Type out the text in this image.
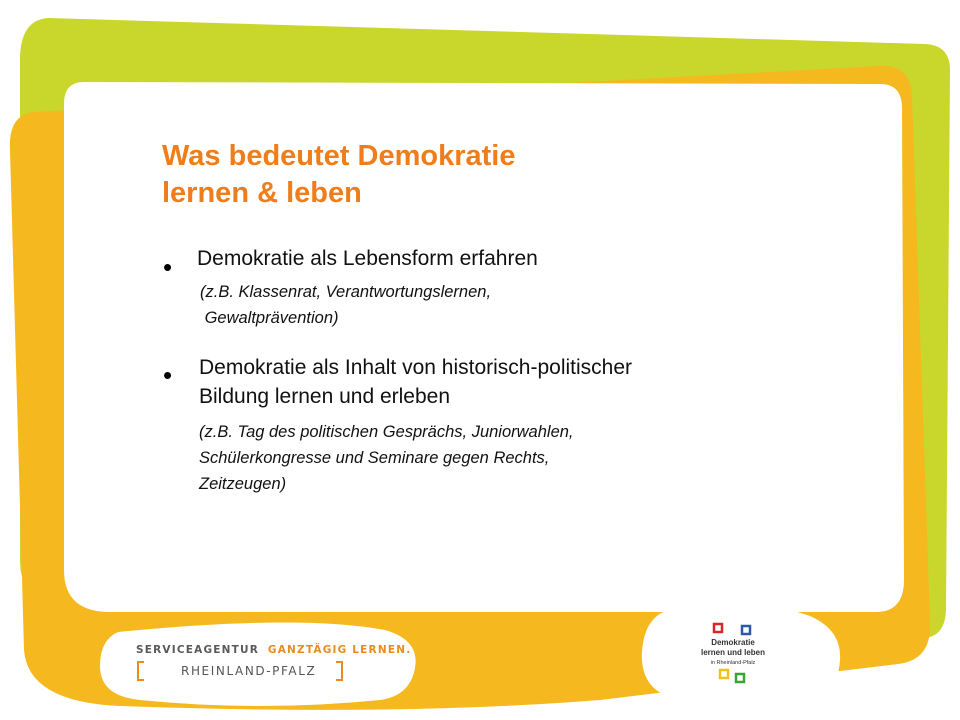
Was bedeutet Demokratie
lernen & leben
• Demokratie als Lebensform erfahren
(z.B. Klassenrat, Verantwortungslernen,
Gewaltprävention)
• Demokratie als Inhalt von historisch-politischer
Bildung lernen und erleben
(z.B. Tag des politischen Gesprächs, Juniorwahlen,
Schülerkongresse und Seminare gegen Rechts,
Zeitzeugen)
SERVICEAGENTUR GANZTÄGIG LERNEN.
RHEINLAND-PFALZ
Demokratie
lernen und leben
in Rheinland-Pfalz
